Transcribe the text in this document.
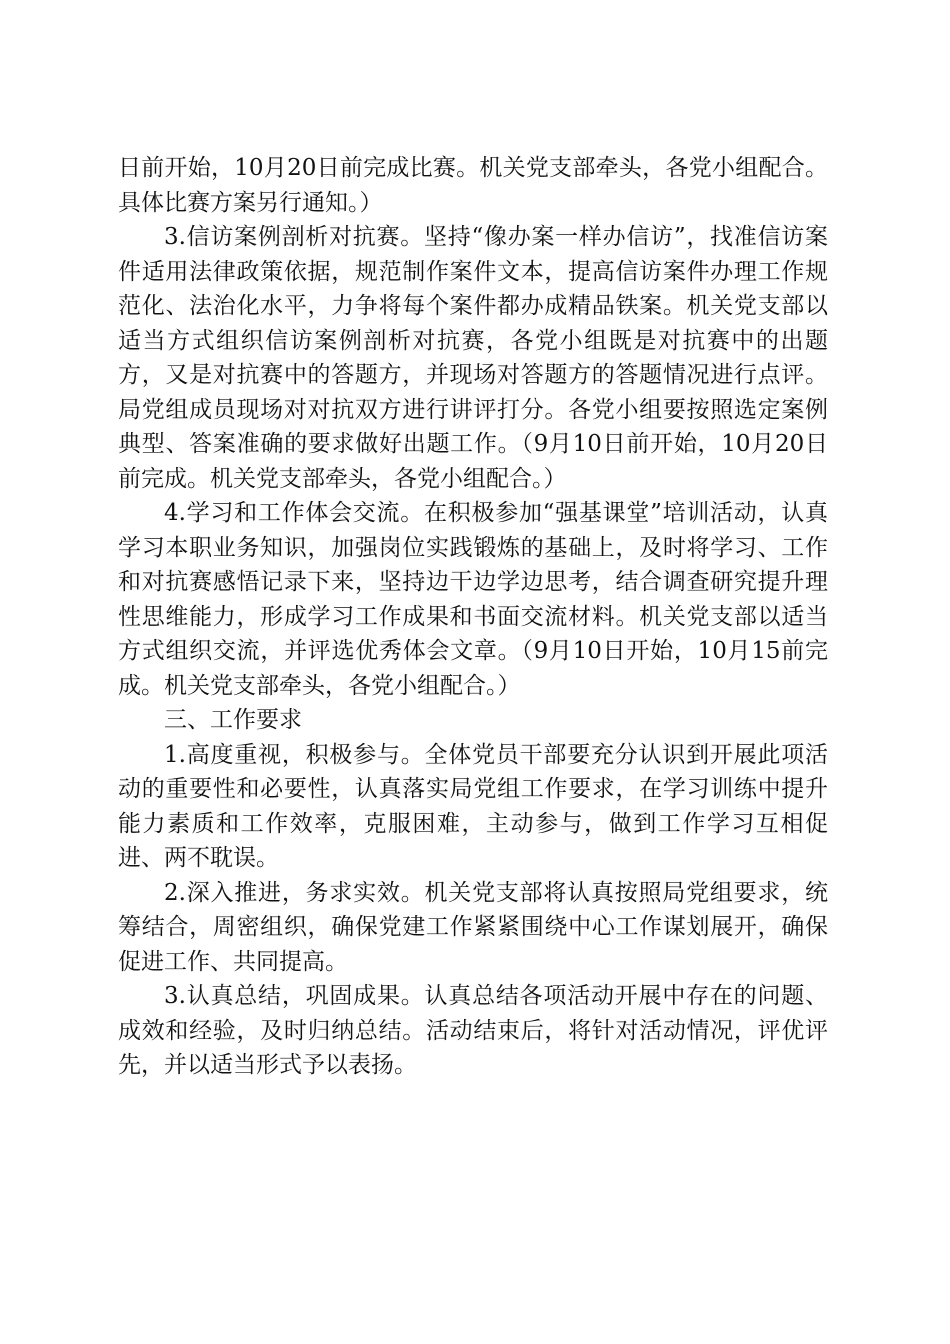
日前开始，10月20日前完成比赛。机关党支部牵头，各党小组配合。具体比赛方案另行通知。）

3.信访案例剖析对抗赛。坚持“像办案一样办信访”，找准信访案件适用法律政策依据，规范制作案件文本，提高信访案件办理工作规范化、法治化水平，力争将每个案件都办成精品铁案。机关党支部以适当方式组织信访案例剖析对抗赛，各党小组既是对抗赛中的出题方，又是对抗赛中的答题方，并现场对答题方的答题情况进行点评。局党组成员现场对对抗双方进行讲评打分。各党小组要按照选定案例典型、答案准确的要求做好出题工作。（9月10日前开始，10月20日前完成。机关党支部牵头，各党小组配合。）

4.学习和工作体会交流。在积极参加“强基课堂”培训活动，认真学习本职业务知识，加强岗位实践锻炼的基础上，及时将学习、工作和对抗赛感悟记录下来，坚持边干边学边思考，结合调查研究提升理性思维能力，形成学习工作成果和书面交流材料。机关党支部以适当方式组织交流，并评选优秀体会文章。（9月10日开始，10月15前完成。机关党支部牵头，各党小组配合。）

三、工作要求

1.高度重视，积极参与。全体党员干部要充分认识到开展此项活动的重要性和必要性，认真落实局党组工作要求，在学习训练中提升能力素质和工作效率，克服困难，主动参与，做到工作学习互相促进、两不耽误。

2.深入推进，务求实效。机关党支部将认真按照局党组要求，统筹结合，周密组织，确保党建工作紧紧围绕中心工作谋划展开，确保促进工作、共同提高。

3.认真总结，巩固成果。认真总结各项活动开展中存在的问题、成效和经验，及时归纳总结。活动结束后，将针对活动情况，评优评先，并以适当形式予以表扬。
